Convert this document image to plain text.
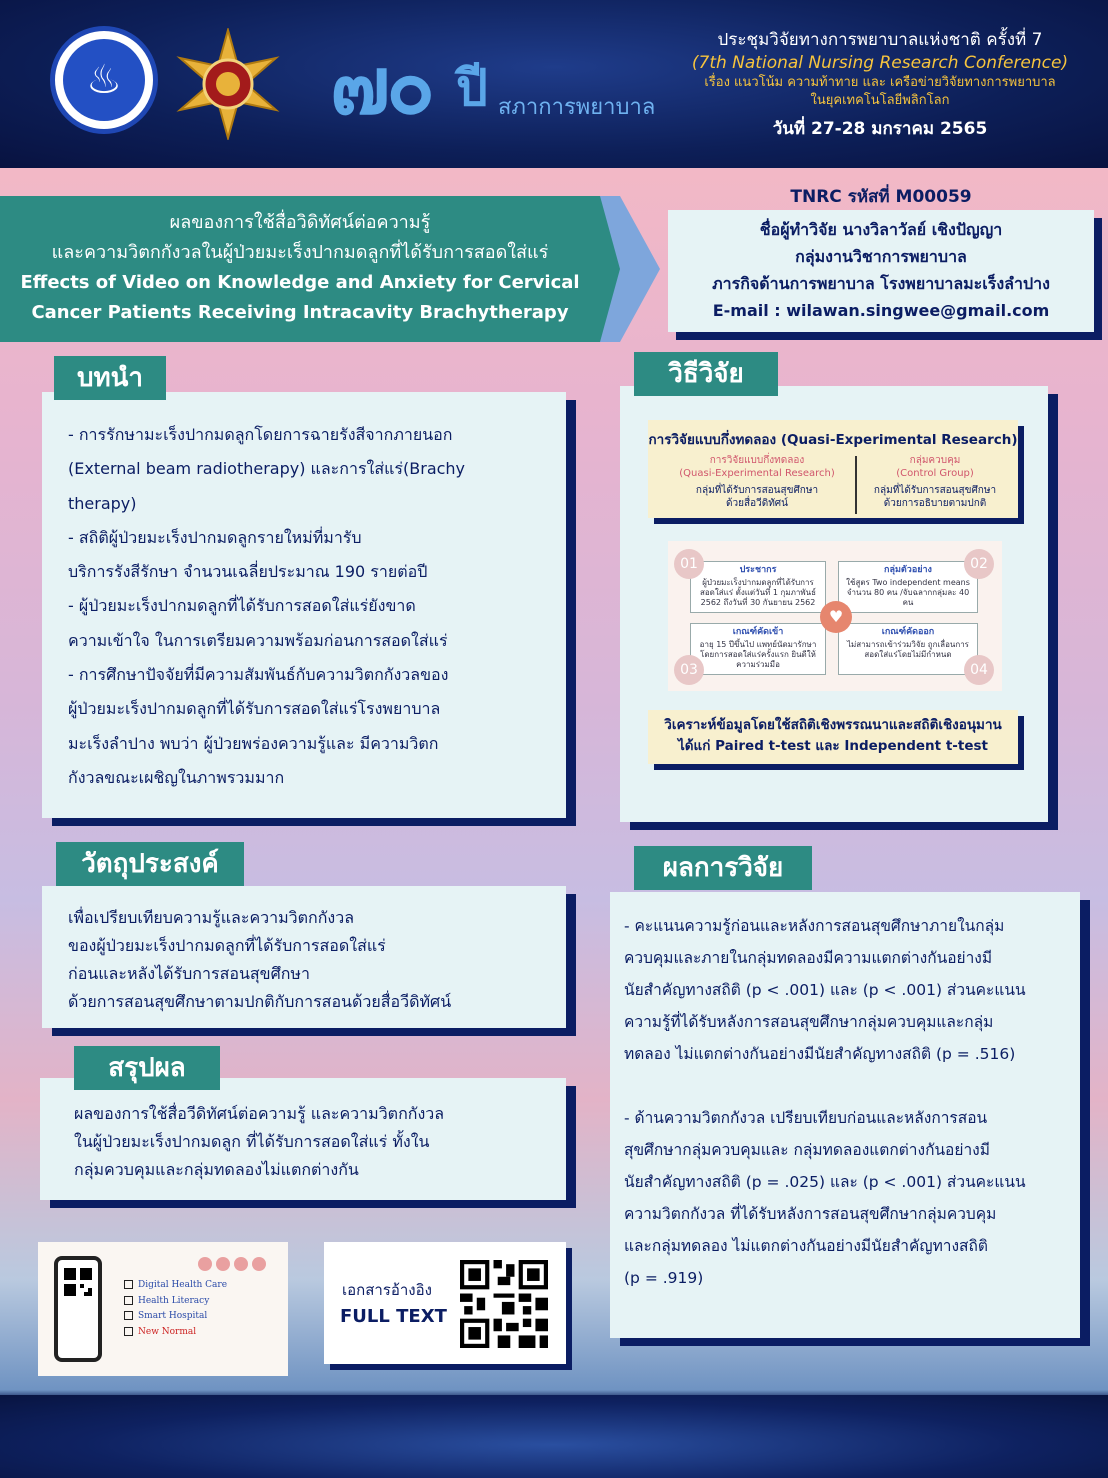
♨	๗๐ ปี สภาการพยาบาล
ประชุมวิจัยทางการพยาบาลแห่งชาติ ครั้งที่ 7
(7th National Nursing Research Conference)
เรื่อง แนวโน้ม ความท้าทาย และ เครือข่ายวิจัยทางการพยาบาล
ในยุคเทคโนโลยีพลิกโลก
วันที่ 27-28 มกราคม 2565
ผลของการใช้สื่อวิดิทัศน์ต่อความรู้
และความวิตกกังวลในผู้ป่วยมะเร็งปากมดลูกที่ได้รับการสอดใส่แร่
Effects of Video on Knowledge and Anxiety for Cervical
Cancer Patients Receiving Intracavity Brachytherapy
TNRC รหัสที่ M00059
ชื่อผู้ทำวิจัย นางวิลาวัลย์ เชิงปัญญา
กลุ่มงานวิชาการพยาบาล
ภารกิจด้านการพยาบาล โรงพยาบาลมะเร็งลำปาง
E-mail : wilawan.singwee@gmail.com
- การรักษามะเร็งปากมดลูกโดยการฉายรังสีจากภายนอก
(External beam radiotherapy) และการใส่แร่(Brachy
therapy)
- สถิติผู้ป่วยมะเร็งปากมดลูกรายใหม่ที่มารับ
บริการรังสีรักษา จำนวนเฉลี่ยประมาณ 190 รายต่อปี
- ผู้ป่วยมะเร็งปากมดลูกที่ได้รับการสอดใส่แร่ยังขาด
ความเข้าใจ ในการเตรียมความพร้อมก่อนการสอดใส่แร่
- การศึกษาปัจจัยที่มีความสัมพันธ์กับความวิตกกังวลของ
ผู้ป่วยมะเร็งปากมดลูกที่ได้รับการสอดใส่แร่โรงพยาบาล
มะเร็งลำปาง พบว่า ผู้ป่วยพร่องความรู้และ มีความวิตก
กังวลขณะเผชิญในภาพรวมมาก
บทนำ	วิธีวิจัย
การวิจัยแบบกึ่งทดลอง (Quasi-Experimental Research)
การวิจัยแบบกึ่งทดลอง
(Quasi-Experimental Research)
กลุ่มที่ได้รับการสอนสุขศึกษา
ด้วยสื่อวีดิทัศน์
กลุ่มควบคุม
(Control Group)
กลุ่มที่ได้รับการสอนสุขศึกษา
ด้วยการอธิบายตามปกติ
ประชากร
ผู้ป่วยมะเร็งปากมดลูกที่ได้รับการสอดใส่แร่ ตั้งแต่วันที่ 1 กุมภาพันธ์ 2562 ถึงวันที่ 30 กันยายน 2562
กลุ่มตัวอย่าง
ใช้สูตร Two independent means จำนวน 80 คน /จับฉลากกลุ่มละ 40 คน
เกณฑ์คัดเข้า
อายุ 15 ปีขึ้นไป แพทย์นัดมารักษาโดยการสอดใส่แร่ครั้งแรก ยินดีให้ความร่วมมือ
เกณฑ์คัดออก
ไม่สามารถเข้าร่วมวิจัย ถูกเลื่อนการสอดใส่แร่โดยไม่มีกำหนด
01	02
03	04
♥
วิเคราะห์ข้อมูลโดยใช้สถิติเชิงพรรณนาและสถิติเชิงอนุมาน
ได้แก่ Paired t-test และ Independent t-test
เพื่อเปรียบเทียบความรู้และความวิตกกังวล
ของผู้ป่วยมะเร็งปากมดลูกที่ได้รับการสอดใส่แร่
ก่อนและหลังได้รับการสอนสุขศึกษา
ด้วยการสอนสุขศึกษาตามปกติกับการสอนด้วยสื่อวีดิทัศน์
วัตถุประสงค์
- คะแนนความรู้ก่อนและหลังการสอนสุขศึกษาภายในกลุ่ม
ควบคุมและภายในกลุ่มทดลองมีความแตกต่างกันอย่างมี
นัยสำคัญทางสถิติ (p < .001) และ (p < .001) ส่วนคะแนน
ความรู้ที่ได้รับหลังการสอนสุขศึกษากลุ่มควบคุมและกลุ่ม
ทดลอง ไม่แตกต่างกันอย่างมีนัยสำคัญทางสถิติ (p = .516)
- ด้านความวิตกกังวล เปรียบเทียบก่อนและหลังการสอน
สุขศึกษากลุ่มควบคุมและ กลุ่มทดลองแตกต่างกันอย่างมี
นัยสำคัญทางสถิติ (p = .025) และ (p < .001) ส่วนคะแนน
ความวิตกกังวล ที่ได้รับหลังการสอนสุขศึกษากลุ่มควบคุม
และกลุ่มทดลอง ไม่แตกต่างกันอย่างมีนัยสำคัญทางสถิติ
(p = .919)
ผลการวิจัย
ผลของการใช้สื่อวีดิทัศน์ต่อความรู้ และความวิตกกังวล
ในผู้ป่วยมะเร็งปากมดลูก ที่ได้รับการสอดใส่แร่ ทั้งใน
กลุ่มควบคุมและกลุ่มทดลองไม่แตกต่างกัน
สรุปผล
Digital Health Care
Health Literacy
Smart Hospital
New Normal
เอกสารอ้างอิง
FULL TEXT
